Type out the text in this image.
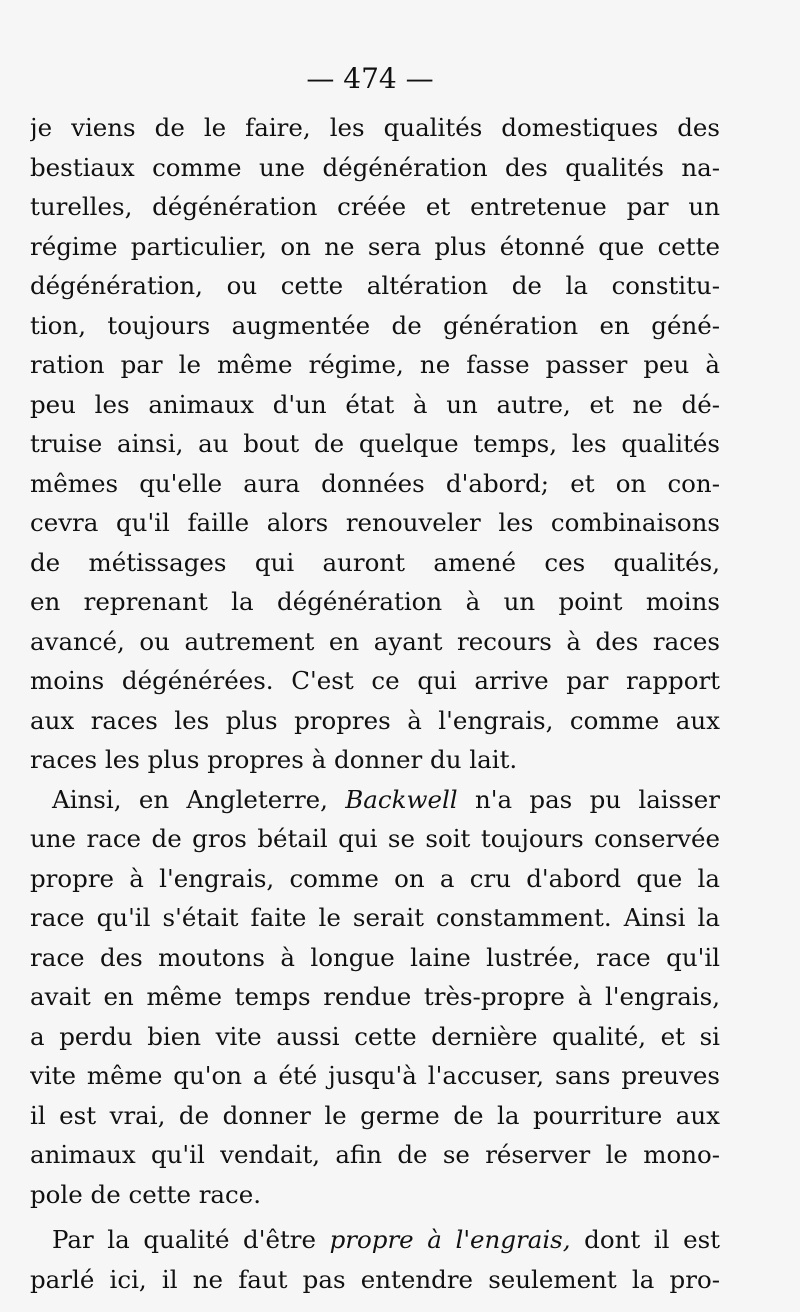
— 474 —
je viens de le faire, les qualités domestiques des
bestiaux comme une dégénération des qualités na-
turelles, dégénération créée et entretenue par un
régime particulier, on ne sera plus étonné que cette
dégénération, ou cette altération de la constitu-
tion, toujours augmentée de génération en géné-
ration par le même régime, ne fasse passer peu à
peu les animaux d'un état à un autre, et ne dé-
truise ainsi, au bout de quelque temps, les qualités
mêmes qu'elle aura données d'abord; et on con-
cevra qu'il faille alors renouveler les combinaisons
de métissages qui auront amené ces qualités,
en reprenant la dégénération à un point moins
avancé, ou autrement en ayant recours à des races
moins dégénérées. C'est ce qui arrive par rapport
aux races les plus propres à l'engrais, comme aux
races les plus propres à donner du lait.
Ainsi, en Angleterre, Backwell n'a pas pu laisser
une race de gros bétail qui se soit toujours conservée
propre à l'engrais, comme on a cru d'abord que la
race qu'il s'était faite le serait constamment. Ainsi la
race des moutons à longue laine lustrée, race qu'il
avait en même temps rendue très-propre à l'engrais,
a perdu bien vite aussi cette dernière qualité, et si
vite même qu'on a été jusqu'à l'accuser, sans preuves
il est vrai, de donner le germe de la pourriture aux
animaux qu'il vendait, afin de se réserver le mono-
pole de cette race.
Par la qualité d'être propre à l'engrais, dont il est
parlé ici, il ne faut pas entendre seulement la pro-
